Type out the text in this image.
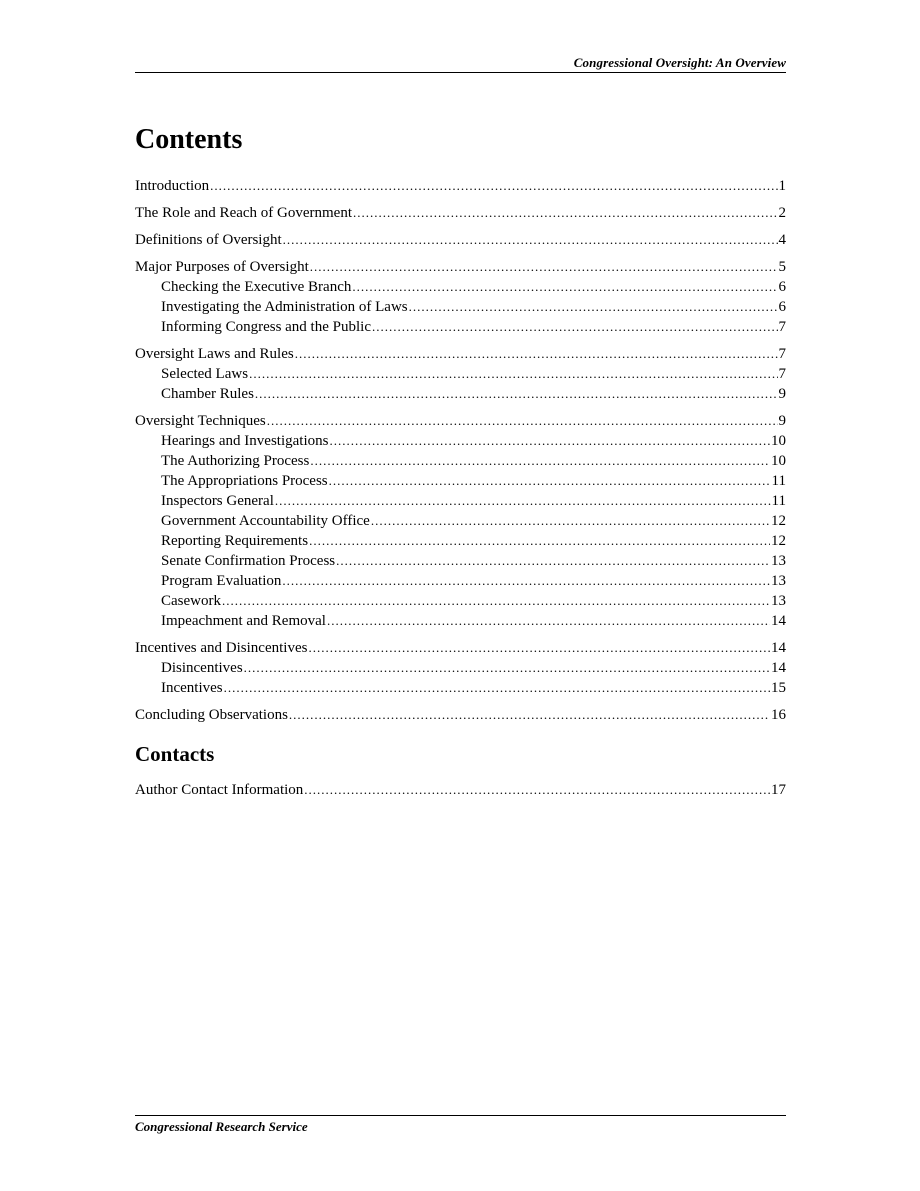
Congressional Oversight: An Overview
Contents
Introduction .....	1
The Role and Reach of Government .....	2
Definitions of Oversight .....	4
Major Purposes of Oversight .....	5
Checking the Executive Branch .....	6
Investigating the Administration of Laws .....	6
Informing Congress and the Public .....	7
Oversight Laws and Rules .....	7
Selected Laws .....	7
Chamber Rules .....	9
Oversight Techniques .....	9
Hearings and Investigations .....	10
The Authorizing Process .....	10
The Appropriations Process .....	11
Inspectors General .....	11
Government Accountability Office .....	12
Reporting Requirements .....	12
Senate Confirmation Process .....	13
Program Evaluation .....	13
Casework .....	13
Impeachment and Removal .....	14
Incentives and Disincentives .....	14
Disincentives .....	14
Incentives .....	15
Concluding Observations .....	16
Contacts
Author Contact Information .....	17
Congressional Research Service
